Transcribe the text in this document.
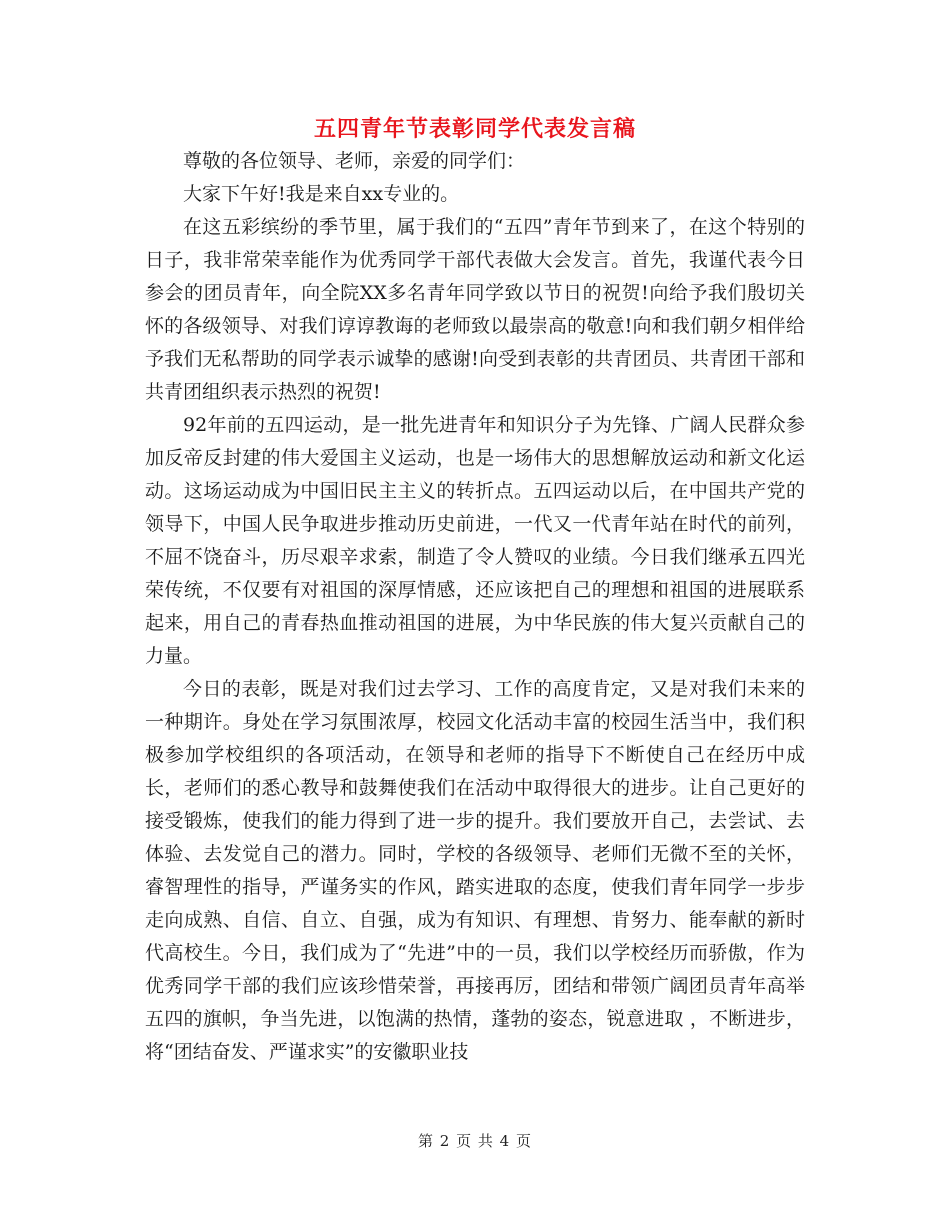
五四青年节表彰同学代表发言稿

尊敬的各位领导、老师，亲爱的同学们：

大家下午好!我是来自xx专业的。

在这五彩缤纷的季节里，属于我们的“五四”青年节到来了，在这个特别的日子，我非常荣幸能作为优秀同学干部代表做大会发言。首先，我谨代表今日参会的团员青年，向全院XX多名青年同学致以节日的祝贺!向给予我们殷切关怀的各级领导、对我们谆谆教诲的老师致以最崇高的敬意!向和我们朝夕相伴给予我们无私帮助的同学表示诚挚的感谢!向受到表彰的共青团员、共青团干部和共青团组织表示热烈的祝贺!

92年前的五四运动，是一批先进青年和知识分子为先锋、广阔人民群众参加反帝反封建的伟大爱国主义运动，也是一场伟大的思想解放运动和新文化运动。这场运动成为中国旧民主主义的转折点。五四运动以后，在中国共产党的领导下，中国人民争取进步推动历史前进，一代又一代青年站在时代的前列，不屈不饶奋斗，历尽艰辛求索，制造了令人赞叹的业绩。今日我们继承五四光荣传统，不仅要有对祖国的深厚情感，还应该把自己的理想和祖国的进展联系起来，用自己的青春热血推动祖国的进展，为中华民族的伟大复兴贡献自己的力量。

今日的表彰，既是对我们过去学习、工作的高度肯定，又是对我们未来的一种期许。身处在学习氛围浓厚，校园文化活动丰富的校园生活当中，我们积极参加学校组织的各项活动，在领导和老师的指导下不断使自己在经历中成长，老师们的悉心教导和鼓舞使我们在活动中取得很大的进步。让自己更好的接受锻炼，使我们的能力得到了进一步的提升。我们要放开自己，去尝试、去体验、去发觉自己的潜力。同时，学校的各级领导、老师们无微不至的关怀，睿智理性的指导，严谨务实的作风，踏实进取的态度，使我们青年同学一步步走向成熟、自信、自立、自强，成为有知识、有理想、肯努力、能奉献的新时代高校生。今日，我们成为了“先进”中的一员，我们以学校经历而骄傲，作为优秀同学干部的我们应该珍惜荣誉，再接再厉，团结和带领广阔团员青年高举五四的旗帜，争当先进，以饱满的热情，蓬勃的姿态，锐意进取 ，不断进步，将“团结奋发、严谨求实”的安徽职业技

第 2 页 共 4 页
